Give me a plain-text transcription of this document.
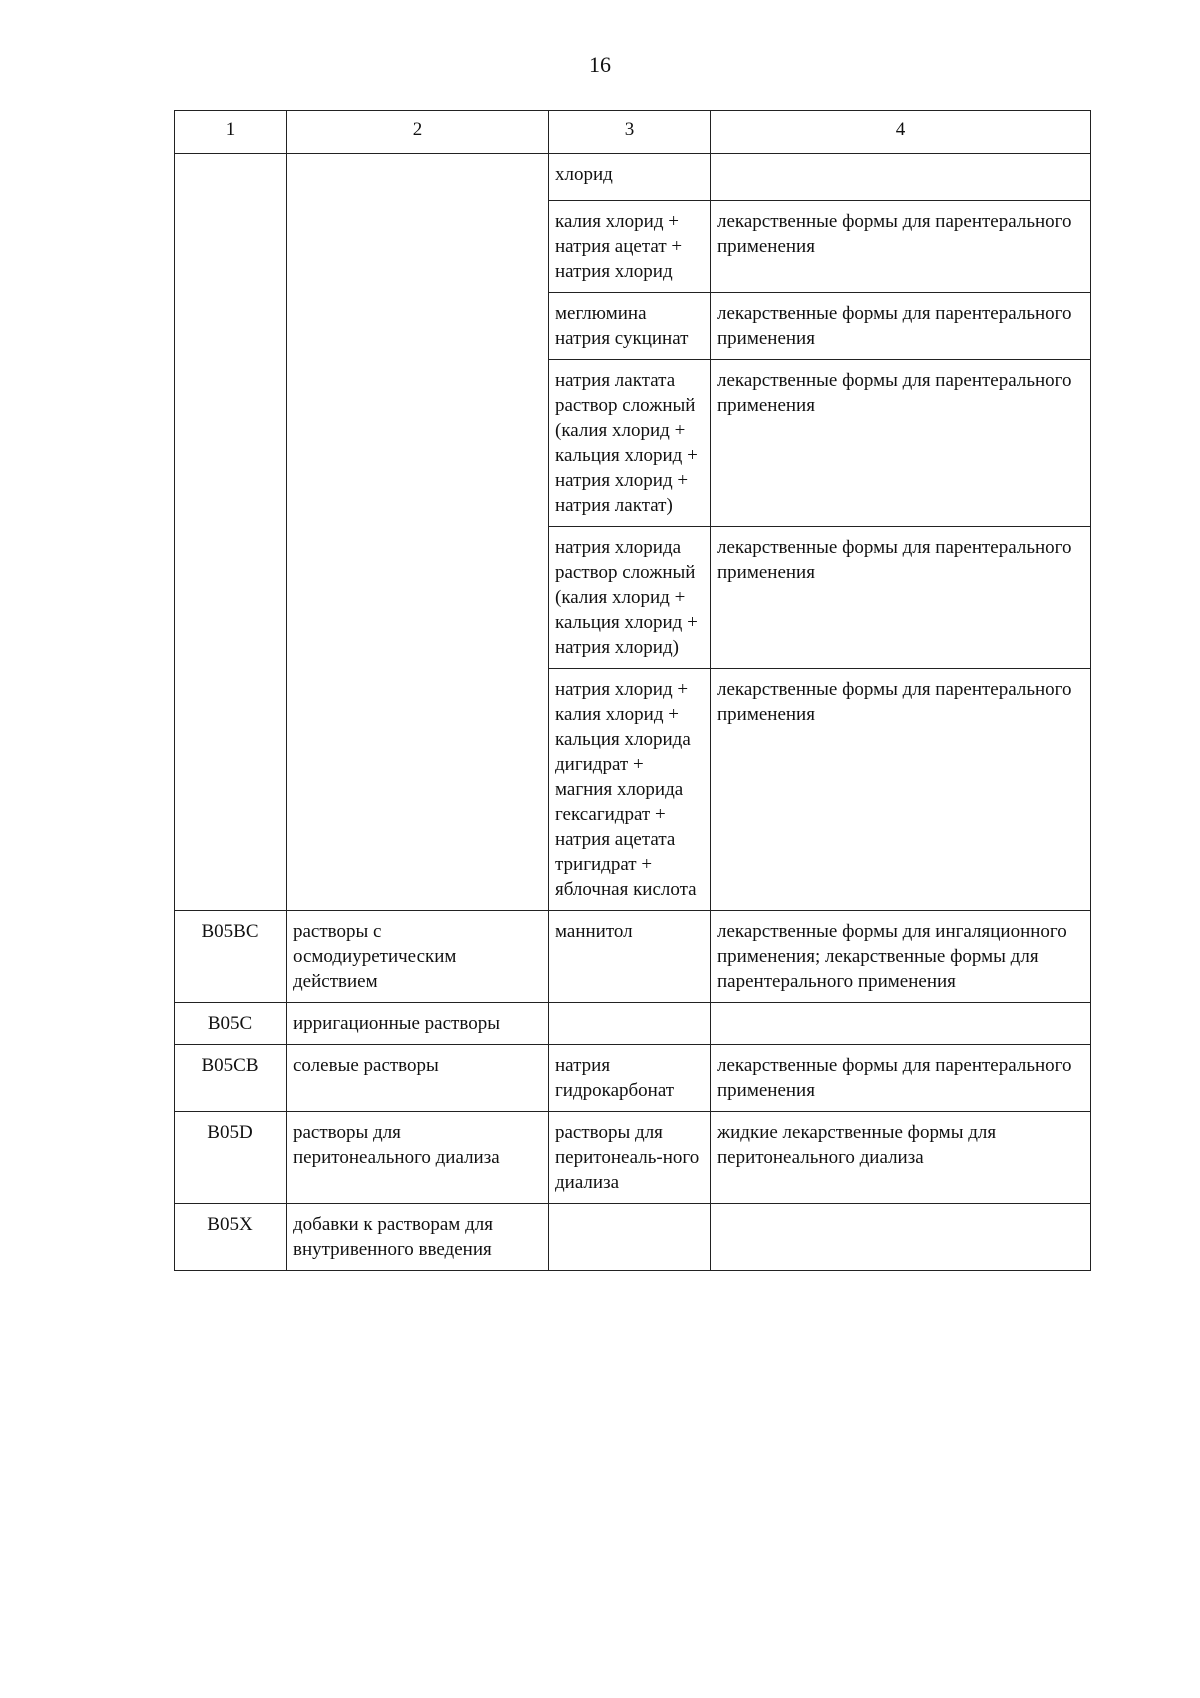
16
1	2	3	4
		хлорид	
		калия хлорид + натрия ацетат + натрия хлорид	лекарственные формы для парентерального применения
		меглюмина натрия сукцинат	лекарственные формы для парентерального применения
		натрия лактата раствор сложный (калия хлорид + кальция хлорид + натрия хлорид + натрия лактат)	лекарственные формы для парентерального применения
		натрия хлорида раствор сложный (калия хлорид + кальция хлорид + натрия хлорид)	лекарственные формы для парентерального применения
		натрия хлорид + калия хлорид + кальция хлорида дигидрат + магния хлорида гексагидрат + натрия ацетата тригидрат + яблочная кислота	лекарственные формы для парентерального применения
B05BC	растворы с осмодиуретическим действием	маннитол	лекарственные формы для ингаляционного применения; лекарственные формы для парентерального применения
B05C	ирригационные растворы		
B05CB	солевые растворы	натрия гидрокарбонат	лекарственные формы для парентерального применения
B05D	растворы для перитонеального диализа	растворы для перитонеаль-ного диализа	жидкие лекарственные формы для перитонеального диализа
B05X	добавки к растворам для внутривенного введения		
